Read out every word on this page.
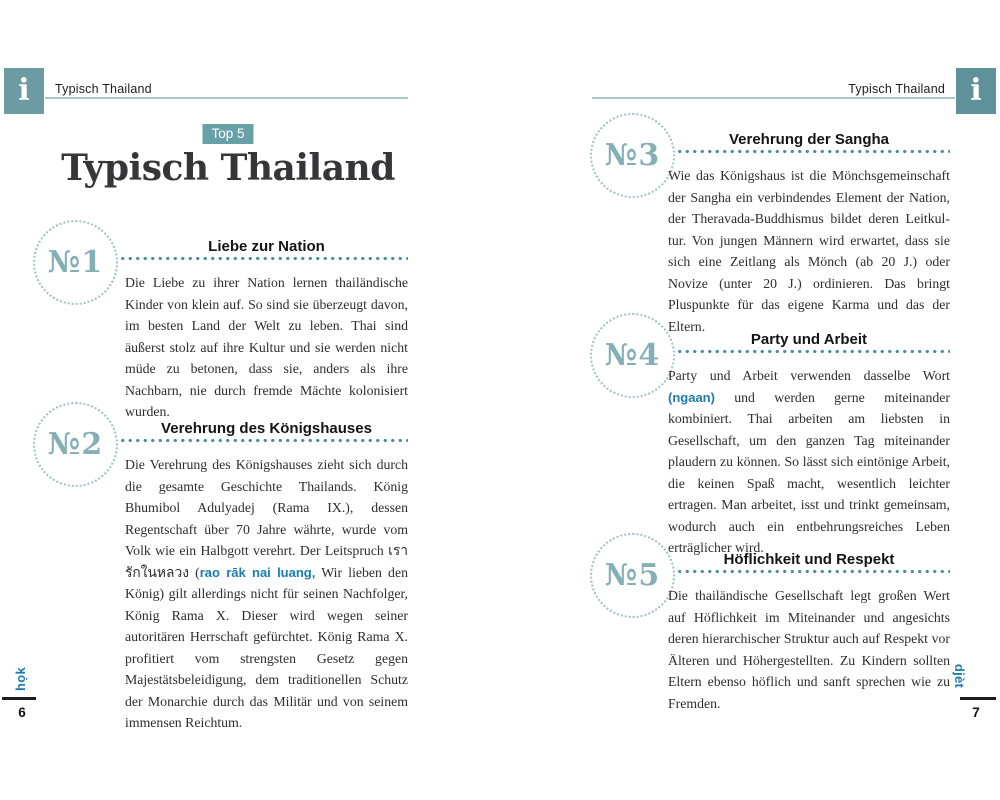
i Typisch Thailand
Top 5
Typisch Thailand
№1	Liebe zur Nation
Die Liebe zu ihrer Nation lernen thailändische Kinder von klein auf. So sind sie überzeugt davon, im besten Land der Welt zu leben. Thai sind äußerst stolz auf ihre Kultur und sie werden nicht müde zu betonen, dass sie, anders als ihre Nachbarn, nie durch fremde Mächte kolonisiert wurden.
№2	Verehrung des Königshauses
Die Verehrung des Königshauses zieht sich durch die gesamte Geschichte Thailands. König Bhumibol Adulyadej (Rama IX.), dessen Regentschaft über 70 Jahre währte, wurde vom Volk wie ein Halbgott verehrt. Der Leitspruch เรารักในหลวง (rao rāk nai luang, Wir lieben den König) gilt allerdings nicht für seinen Nachfolger, König Rama X. Dieser wird wegen seiner autoritären Herrschaft gefürchtet. König Rama X. profitiert vom strengsten Gesetz gegen Majestätsbeleidigung, dem traditionellen Schutz der Monarchie durch das Militär und von seinem immensen Reichtum.
họk
6
Typisch Thailand i
№3	Verehrung der Sangha
Wie das Königshaus ist die Mönchsgemeinschaft der Sangha ein verbindendes Element der Nation, der Theravada-Buddhismus bildet deren Leitkultur. Von jungen Männern wird erwartet, dass sie sich eine Zeitlang als Mönch (ab 20 J.) oder Novize (unter 20 J.) ordinieren. Das bringt Pluspunkte für das eigene Karma und das der Eltern.
№4	Party und Arbeit
Party und Arbeit verwenden dasselbe Wort (ngaan) und werden gerne miteinander kombiniert. Thai arbeiten am liebsten in Gesellschaft, um den ganzen Tag miteinander plaudern zu können. So lässt sich eintönige Arbeit, die keinen Spaß macht, wesentlich leichter ertragen. Man arbeitet, isst und trinkt gemeinsam, wodurch auch ein entbehrungsreiches Leben erträglicher wird.
№5	Höflichkeit und Respekt
Die thailändische Gesellschaft legt großen Wert auf Höflichkeit im Miteinander und angesichts deren hierarchischer Struktur auch auf Respekt vor Älteren und Höhergestellten. Zu Kindern sollten Eltern ebenso höflich und sanft sprechen wie zu Fremden.
djèt
7
